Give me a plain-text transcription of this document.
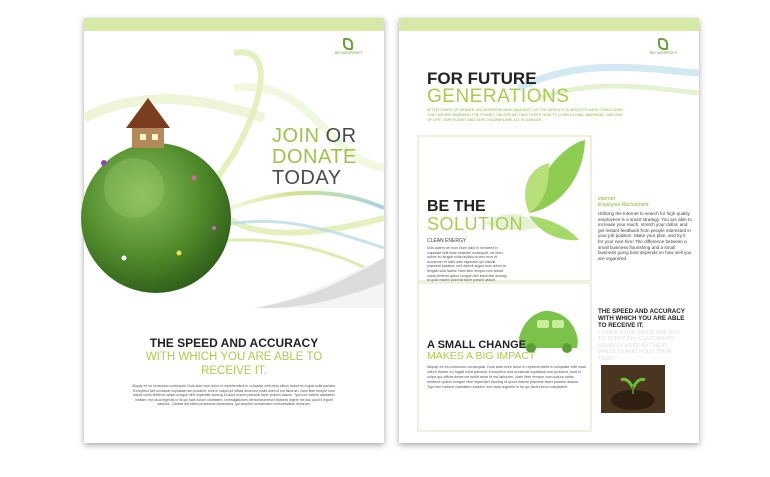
BIG NONPROFIT
JOIN OR
DONATE
TODAY
THE SPEED AND ACCURACY
WITH WHICH YOU ARE ABLE TO
RECEIVE IT.
Aliquip ex ea commodo consequat. Duis aute irure dolor in reprehenderit in voluptate velit esse cillum dolore eu fugiat nulla pariatur. Excepteur sint occaecat cupidatat non proident, sunt in culpa qui officia deserunt mollit anim id est laborum. Nam liber tempor cum soluta nobis eleifend option congue nihil imperdiet doming id quod mazim placerat facer possim assum. Typi non habent claritatem insitam; est usus legentis in iis qui facit eorum claritatem. Investigationes demonstraverunt lectores legere me lius quod ii legunt saepius. Claritas est etiam processus dynamicus, qui sequitur mutationem consuetudium lectorum.
BIG NONPROFIT
FOR FUTURE
GENERATIONS
AFTER YEARS OF DEBATE, AN OVERWHELMING MAJORITY OF THE WORLD'S SCIENTISTS HAVE CONCLUDED THAT WE ARE WARMING THE PLANET. UNLESS WE TAKE STEPS NOW TO CURB GLOBAL WARMING, OUR WAY OF LIFE, OUR PLANET AND OUR CHILDREN ARE ALL IN DANGER.
BE THE
SOLUTION
CLEAN ENERGY
Duis autem vel eum iriure dolor in hendrerit in vulputate velit esse molestie consequat, vel illum dolore eu feugiat nulla facilisis at vero eros et accumsan et iusto odio dignissim qui blandit praesent luptatum zzril delenit augue duis dolore te feugait nulla facilisi. Nam liber tempor cum soluta nobis eleifend option congue nihil imperdiet doming id quod mazim placerat facer possim assum.
Internet
Employee Recruitment
Utilizing the Internet to search for high quality employees is a smart strategy. You are able to increase your reach, stretch your dollar, and get instant feedback from people interested in your job position. Make your plan, and try it for your next hire! The difference between a small business flourishing and a small business going bust depends on how well you are organized
THE SPEED AND ACCURACY WITH WHICH YOU ARE ABLE TO RECEIVE IT.
COMPETITIVE PRICE ARE PUT TO SCRUTINY. CUSTOMERS USUALLY VOTE BY THEIR WALLETS AND HOLD THEM TIGHT.
A SMALL CHANGE
MAKES A BIG IMPACT
Aliquip ex ea commodo consequat. Duis aute irure dolor in reprehenderit in voluptate velit esse cillum dolore eu fugiat nulla pariatur. Excepteur sint occaecat cupidatat non proident, sunt in culpa qui officia deserunt mollit anim id est laborum. Nam liber tempor cum soluta nobis eleifend option congue nihil imperdiet doming id quod mazim placerat facer possim assum. Typi non habent claritatem insitam; est usus legentis in iis qui facit eorum claritatem.
